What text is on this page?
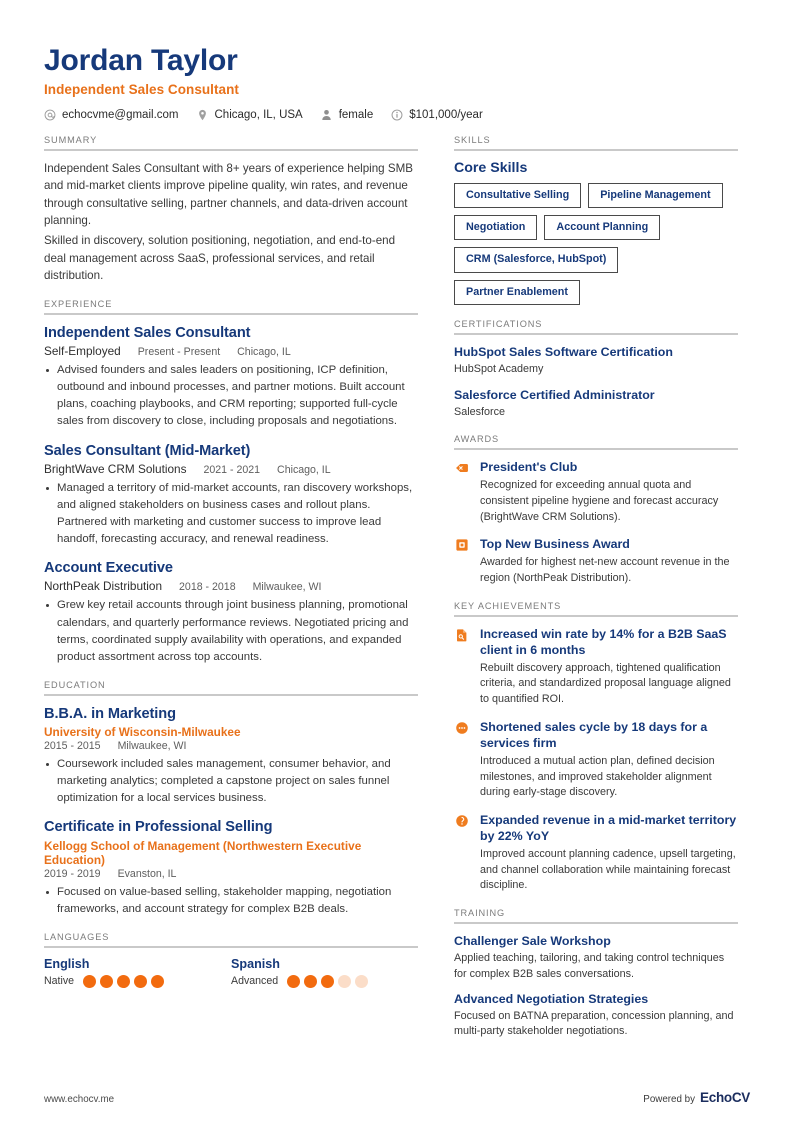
Jordan Taylor
Independent Sales Consultant
echocvme@gmail.com	Chicago, IL, USA	female	$101,000/year
SUMMARY

Independent Sales Consultant with 8+ years of experience helping SMB and mid-market clients improve pipeline quality, win rates, and revenue through consultative selling, partner channels, and data-driven account planning.

Skilled in discovery, solution positioning, negotiation, and end-to-end deal management across SaaS, professional services, and retail distribution.

EXPERIENCE
Independent Sales Consultant
Self-Employed Present - Present Chicago, IL
Advised founders and sales leaders on positioning, ICP definition, outbound and inbound processes, and partner motions. Built account plans, coaching playbooks, and CRM reporting; supported full-cycle sales from discovery to close, including proposals and negotiations.
Sales Consultant (Mid-Market)
BrightWave CRM Solutions 2021 - 2021 Chicago, IL
Managed a territory of mid-market accounts, ran discovery workshops, and aligned stakeholders on business cases and rollout plans. Partnered with marketing and customer success to improve lead handoff, forecasting accuracy, and renewal readiness.
Account Executive
NorthPeak Distribution 2018 - 2018 Milwaukee, WI
Grew key retail accounts through joint business planning, promotional calendars, and quarterly performance reviews. Negotiated pricing and terms, coordinated supply availability with operations, and expanded product assortment across top accounts.
EDUCATION
B.B.A. in Marketing
University of Wisconsin-Milwaukee
2015 - 2015 Milwaukee, WI
Coursework included sales management, consumer behavior, and marketing analytics; completed a capstone project on sales funnel optimization for a local services business.
Certificate in Professional Selling
Kellogg School of Management (Northwestern Executive Education)
2019 - 2019 Evanston, IL
Focused on value-based selling, stakeholder mapping, negotiation frameworks, and account strategy for complex B2B deals.
LANGUAGES
English
Native
Spanish
Advanced
SKILLS
Core Skills
Consultative Selling	Pipeline Management
Negotiation	Account Planning
CRM (Salesforce, HubSpot)
Partner Enablement
CERTIFICATIONS
HubSpot Sales Software Certification
HubSpot Academy
Salesforce Certified Administrator
Salesforce
AWARDS
President's Club
Recognized for exceeding annual quota and consistent pipeline hygiene and forecast accuracy (BrightWave CRM Solutions).
Top New Business Award
Awarded for highest net-new account revenue in the region (NorthPeak Distribution).
KEY ACHIEVEMENTS
Increased win rate by 14% for a B2B SaaS client in 6 months
Rebuilt discovery approach, tightened qualification criteria, and standardized proposal language aligned to quantified ROI.
Shortened sales cycle by 18 days for a services firm
Introduced a mutual action plan, defined decision milestones, and improved stakeholder alignment during early-stage discovery.
Expanded revenue in a mid-market territory by 22% YoY
Improved account planning cadence, upsell targeting, and channel collaboration while maintaining forecast discipline.
TRAINING
Challenger Sale Workshop
Applied teaching, tailoring, and taking control techniques for complex B2B sales conversations.
Advanced Negotiation Strategies
Focused on BATNA preparation, concession planning, and multi-party stakeholder negotiations.
www.echocv.me	Powered by EchoCV
